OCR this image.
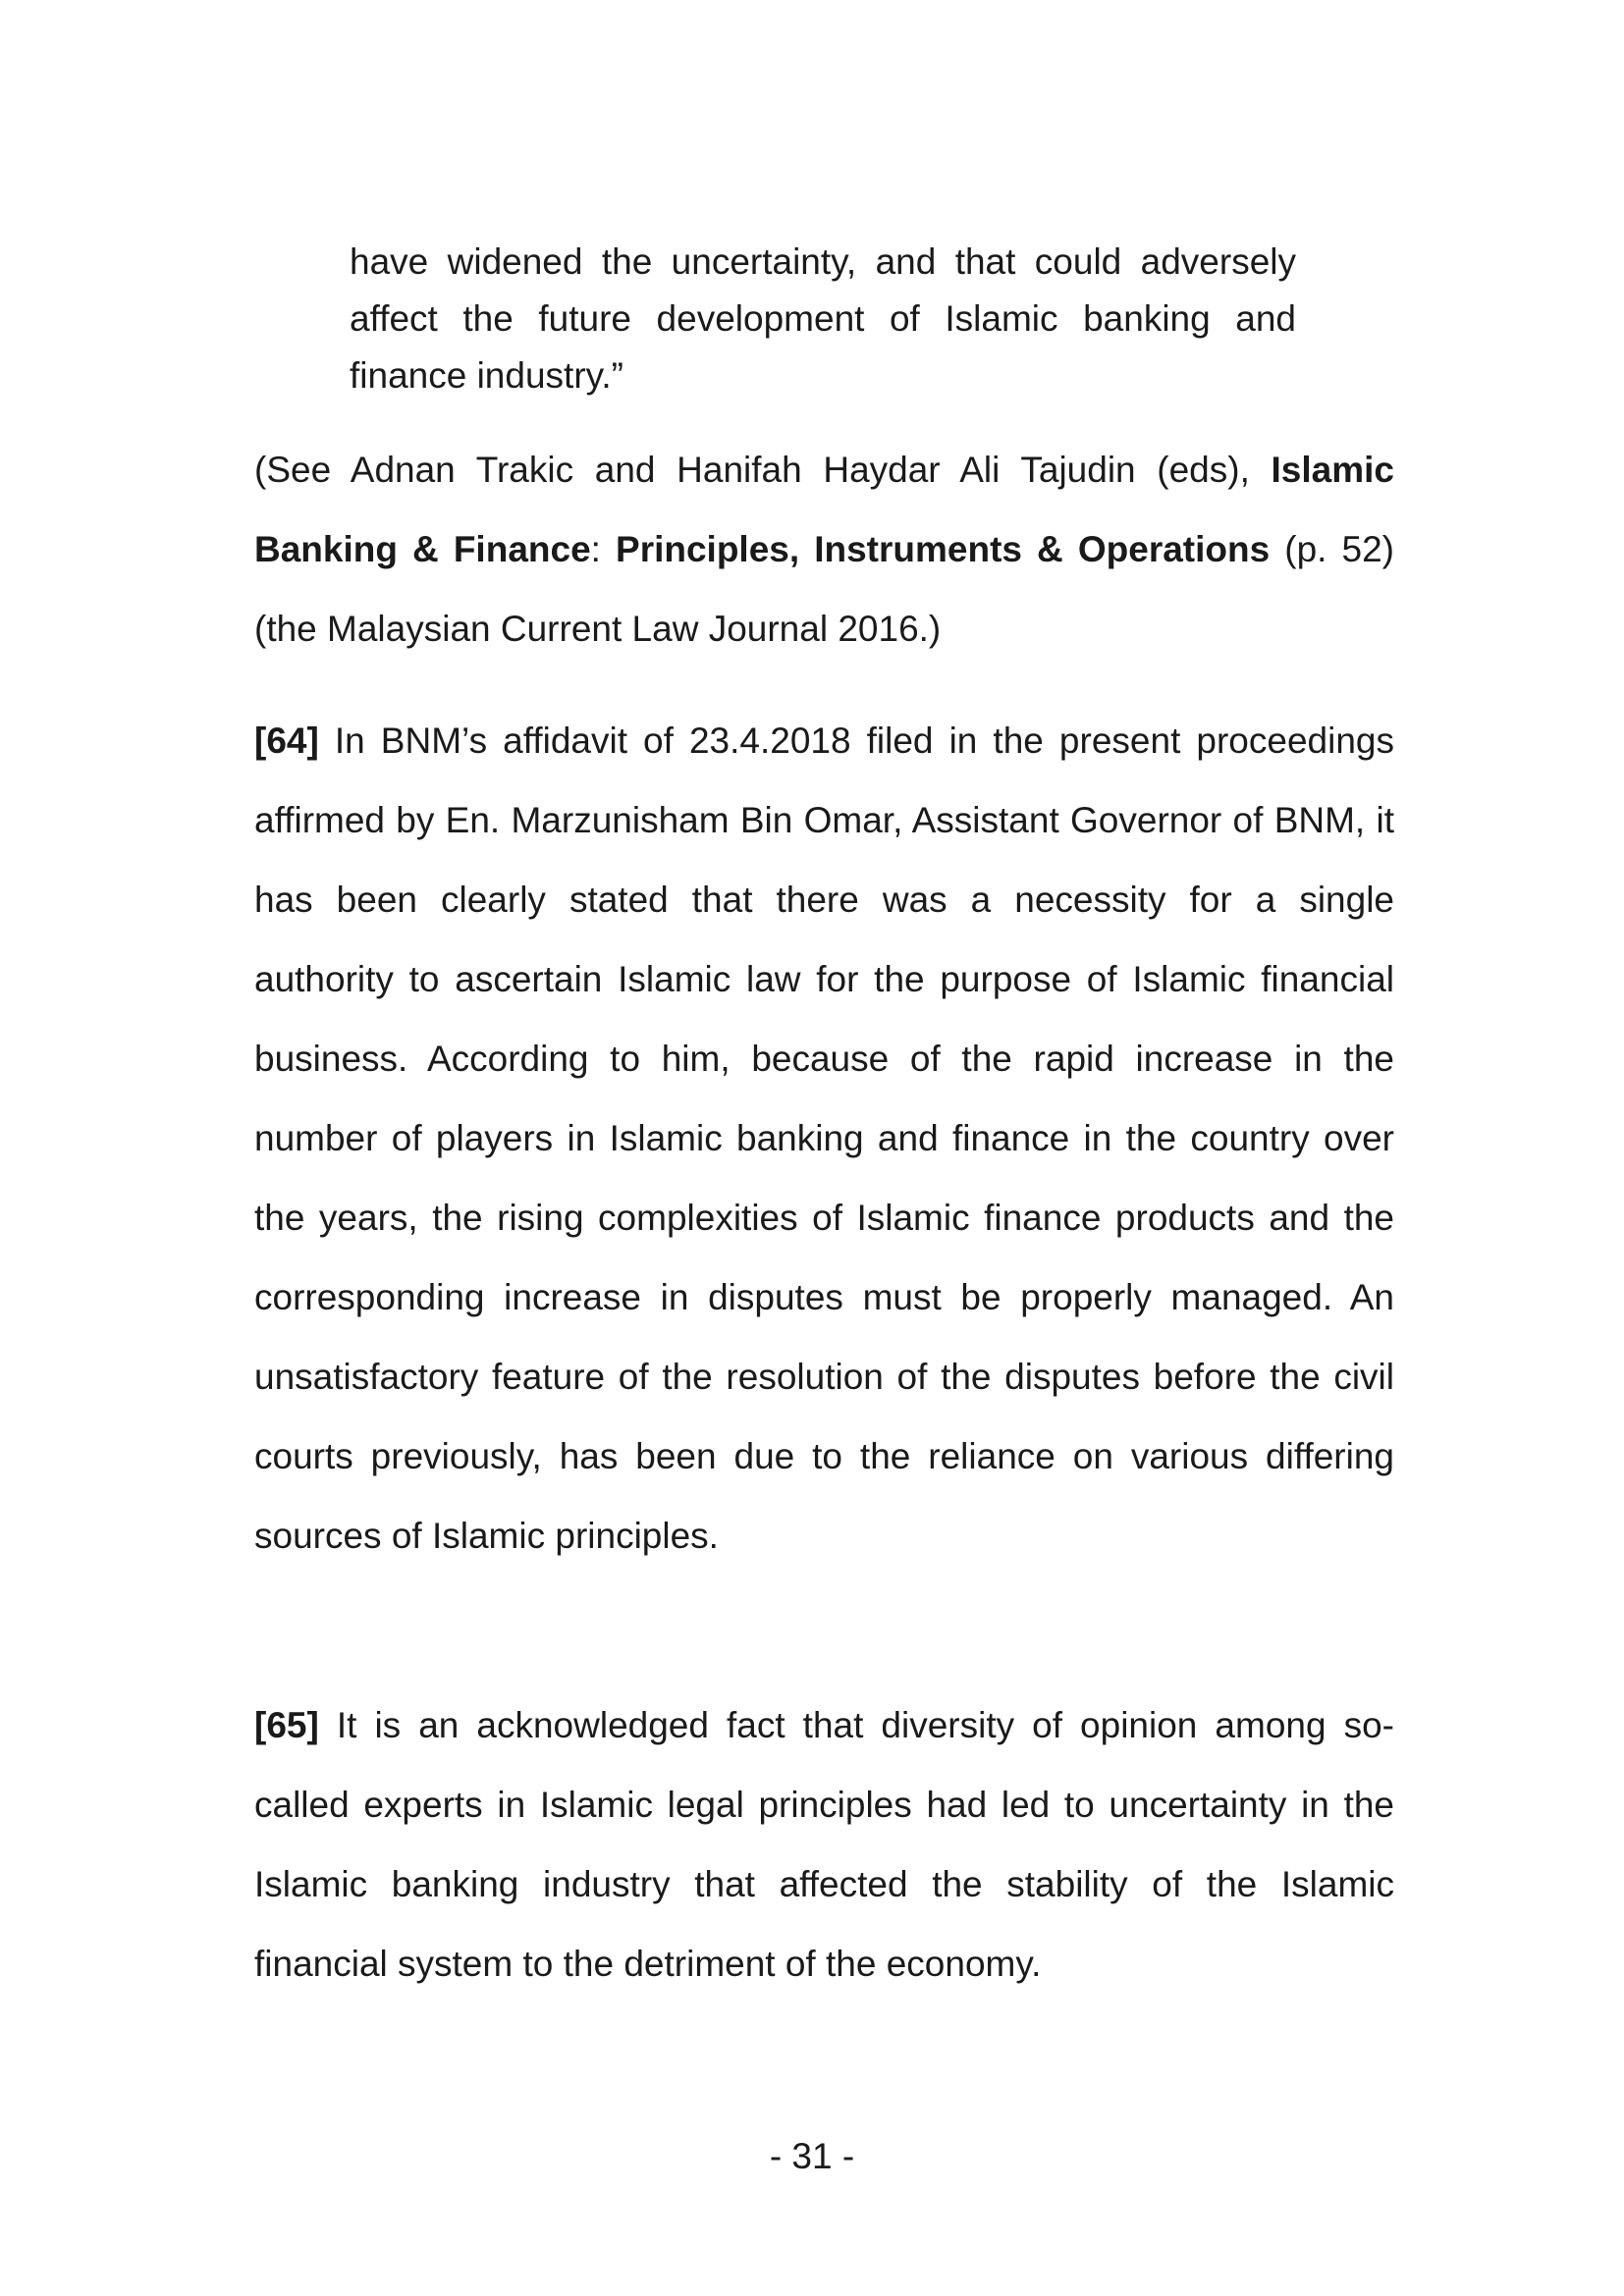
have widened the uncertainty, and that could adversely affect the future development of Islamic banking and finance industry.”
(See Adnan Trakic and Hanifah Haydar Ali Tajudin (eds), Islamic Banking & Finance: Principles, Instruments & Operations (p. 52) (the Malaysian Current Law Journal 2016.)
[64] In BNM’s affidavit of 23.4.2018 filed in the present proceedings affirmed by En. Marzunisham Bin Omar, Assistant Governor of BNM, it has been clearly stated that there was a necessity for a single authority to ascertain Islamic law for the purpose of Islamic financial business. According to him, because of the rapid increase in the number of players in Islamic banking and finance in the country over the years, the rising complexities of Islamic finance products and the corresponding increase in disputes must be properly managed. An unsatisfactory feature of the resolution of the disputes before the civil courts previously, has been due to the reliance on various differing sources of Islamic principles.
[65] It is an acknowledged fact that diversity of opinion among so-called experts in Islamic legal principles had led to uncertainty in the Islamic banking industry that affected the stability of the Islamic financial system to the detriment of the economy.
- 31 -
